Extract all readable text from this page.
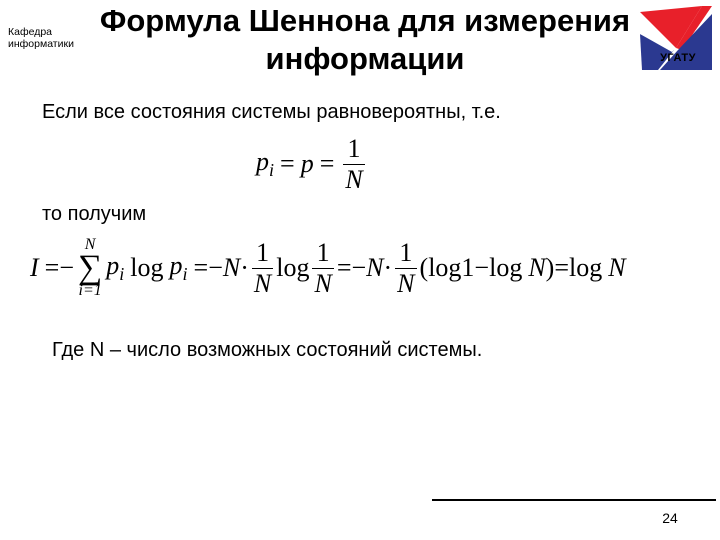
Кафедра
информатики
Формула Шеннона для измерения
информации	УГАТУ
Если все состояния системы равновероятны, т.е.
$p_i = p = \frac{1}{N}$
то получим
I = −
N
∑
i=1
$p_i$ $\log p_i$ = − $N \cdot \frac{1}{N}$ $\log \frac{1}{N}$ = − $N \cdot \frac{1}{N}$ ( log1 − log N ) = log N
Где N – число возможных состояний системы.
24
